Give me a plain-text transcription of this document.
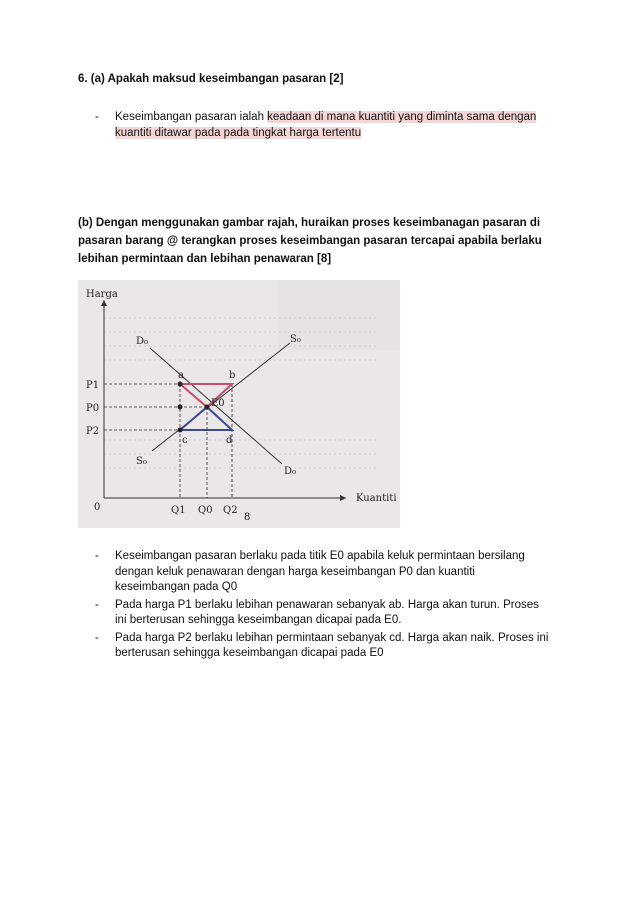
6. (a) Apakah maksud keseimbangan pasaran [2]

- Keseimbangan pasaran ialah keadaan di mana kuantiti yang diminta sama dengan
kuantiti ditawar pada pada tingkat harga tertentu

(b) Dengan menggunakan gambar rajah, huraikan proses keseimbanagan pasaran di pasaran barang @ terangkan proses keseimbangan pasaran tercapai apabila berlaku lebihan permintaan dan lebihan penawaran [8]

Harga
Kuantiti
0
P1
P0
P2
Q1 Q0 Q2
8
D₀
D₀
S₀
S₀
a	b
c	d
E0
- Keseimbangan pasaran berlaku pada titik E0 apabila keluk permintaan bersilang
dengan keluk penawaran dengan harga keseimbangan P0 dan kuantiti
keseimbangan pada Q0
- Pada harga P1 berlaku lebihan penawaran sebanyak ab. Harga akan turun. Proses
ini berterusan sehingga keseimbangan dicapai pada E0.
- Pada harga P2 berlaku lebihan permintaan sebanyak cd. Harga akan naik. Proses ini
berterusan sehingga keseimbangan dicapai pada E0
